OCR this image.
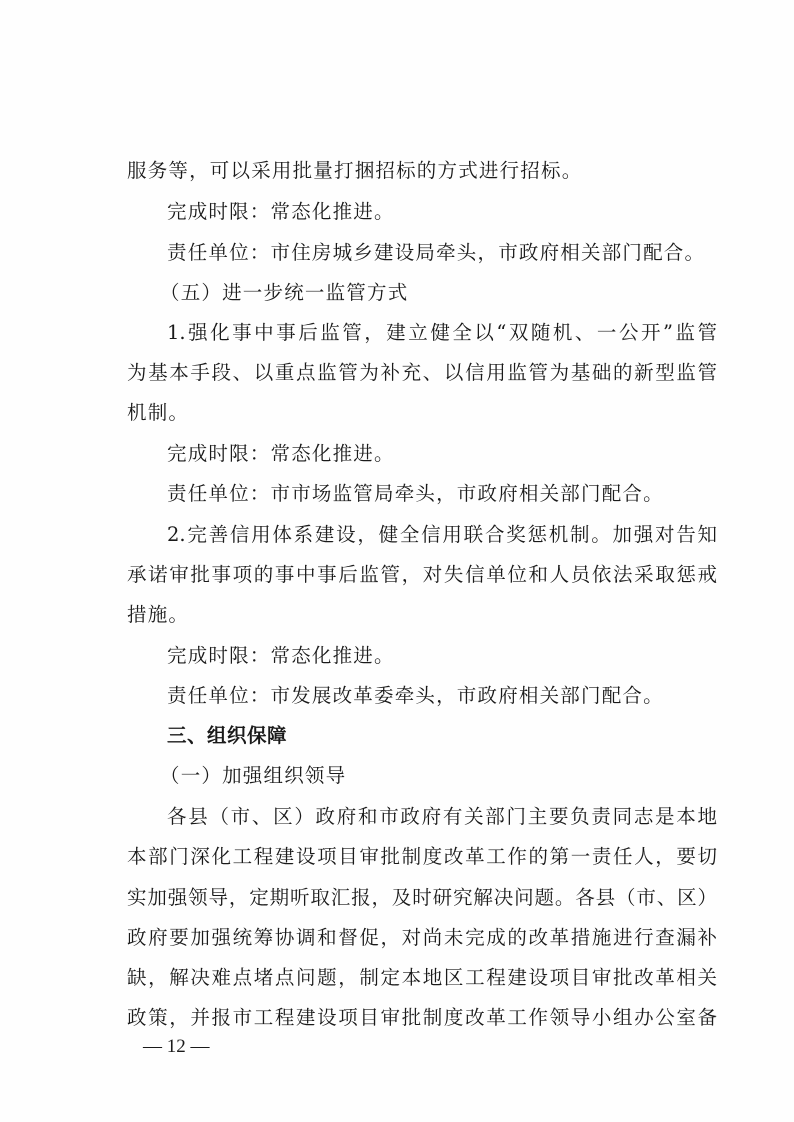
服务等，可以采用批量打捆招标的方式进行招标。
完成时限：常态化推进。
责任单位：市住房城乡建设局牵头，市政府相关部门配合。
（五）进一步统一监管方式
1.强化事中事后监管，建立健全以“双随机、一公开”监管
为基本手段、以重点监管为补充、以信用监管为基础的新型监管
机制。
完成时限：常态化推进。
责任单位：市市场监管局牵头，市政府相关部门配合。
2.完善信用体系建设，健全信用联合奖惩机制。加强对告知
承诺审批事项的事中事后监管，对失信单位和人员依法采取惩戒
措施。
完成时限：常态化推进。
责任单位：市发展改革委牵头，市政府相关部门配合。
三、组织保障
（一）加强组织领导
各县（市、区）政府和市政府有关部门主要负责同志是本地
本部门深化工程建设项目审批制度改革工作的第一责任人，要切
实加强领导，定期听取汇报，及时研究解决问题。各县（市、区）
政府要加强统筹协调和督促，对尚未完成的改革措施进行查漏补
缺，解决难点堵点问题，制定本地区工程建设项目审批改革相关
政策，并报市工程建设项目审批制度改革工作领导小组办公室备
— 12 —
